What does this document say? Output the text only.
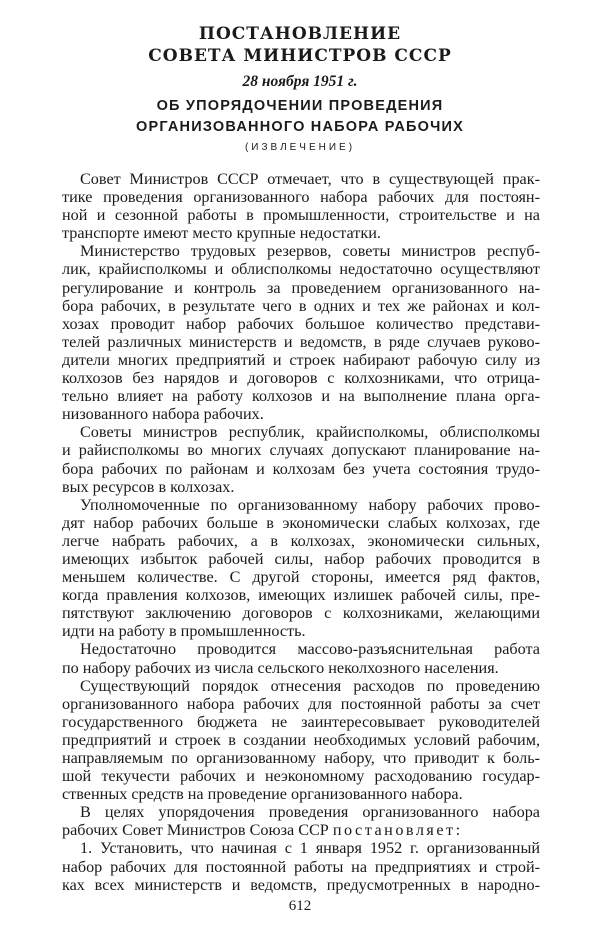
ПОСТАНОВЛЕНИЕ
СОВЕТА МИНИСТРОВ СССР
28 ноября 1951 г.
ОБ УПОРЯДОЧЕНИИ ПРОВЕДЕНИЯ
ОРГАНИЗОВАННОГО НАБОРА РАБОЧИХ
(ИЗВЛЕЧЕНИЕ)
Совет Министров СССР отмечает, что в существующей прак-
тике проведения организованного набора рабочих для постоян-
ной и сезонной работы в промышленности, строительстве и на
транспорте имеют место крупные недостатки.
Министерство трудовых резервов, советы министров респуб-
лик, крайисполкомы и облисполкомы недостаточно осуществляют
регулирование и контроль за проведением организованного на-
бора рабочих, в результате чего в одних и тех же районах и кол-
хозах проводит набор рабочих большое количество представи-
телей различных министерств и ведомств, в ряде случаев руково-
дители многих предприятий и строек набирают рабочую силу из
колхозов без нарядов и договоров с колхозниками, что отрица-
тельно влияет на работу колхозов и на выполнение плана орга-
низованного набора рабочих.
Советы министров республик, крайисполкомы, облисполкомы
и райисполкомы во многих случаях допускают планирование на-
бора рабочих по районам и колхозам без учета состояния трудо-
вых ресурсов в колхозах.
Уполномоченные по организованному набору рабочих прово-
дят набор рабочих больше в экономически слабых колхозах, где
легче набрать рабочих, а в колхозах, экономически сильных,
имеющих избыток рабочей силы, набор рабочих проводится в
меньшем количестве. С другой стороны, имеется ряд фактов,
когда правления колхозов, имеющих излишек рабочей силы, пре-
пятствуют заключению договоров с колхозниками, желающими
идти на работу в промышленность.
Недостаточно проводится массово-разъяснительная работа
по набору рабочих из числа сельского неколхозного населения.
Существующий порядок отнесения расходов по проведению
организованного набора рабочих для постоянной работы за счет
государственного бюджета не заинтересовывает руководителей
предприятий и строек в создании необходимых условий рабочим,
направляемым по организованному набору, что приводит к боль-
шой текучести рабочих и неэкономному расходованию государ-
ственных средств на проведение организованного набора.
В целях упорядочения проведения организованного набора
рабочих Совет Министров Союза ССР постановляет:
1. Установить, что начиная с 1 января 1952 г. организованный
набор рабочих для постоянной работы на предприятиях и строй-
ках всех министерств и ведомств, предусмотренных в народно-
612
